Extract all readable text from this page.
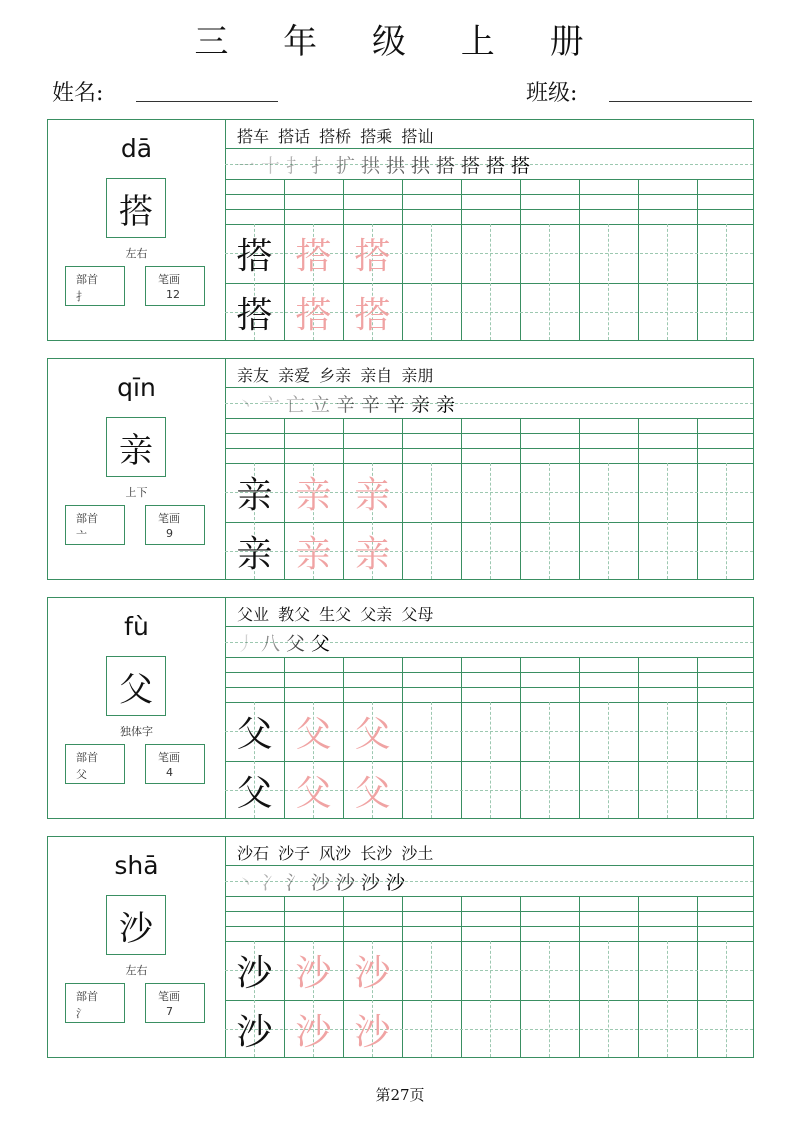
三 年 级 上 册
姓名:	班级:
dā
搭
左右
部首
扌
笔画
12
搭车 搭话 搭桥 搭乘 搭讪
一 十 扌 扌 扩 拱 拱 拱 搭 搭 搭 搭
搭 搭 搭
搭 搭 搭
qīn
亲
上下
部首
亠
笔画
9
亲友 亲爱 乡亲 亲自 亲朋
丶 亠 亡 立 辛 辛 辛 亲 亲
亲 亲 亲
亲 亲 亲
fù
父
独体字
部首
父
笔画
4
父业 教父 生父 父亲 父母
丿 八 父 父
父 父 父
父 父 父
shā
沙
左右
部首
氵
笔画
7
沙石 沙子 风沙 长沙 沙土
丶 冫 氵 沙 沙 沙 沙
沙 沙 沙
沙 沙 沙
第27页
